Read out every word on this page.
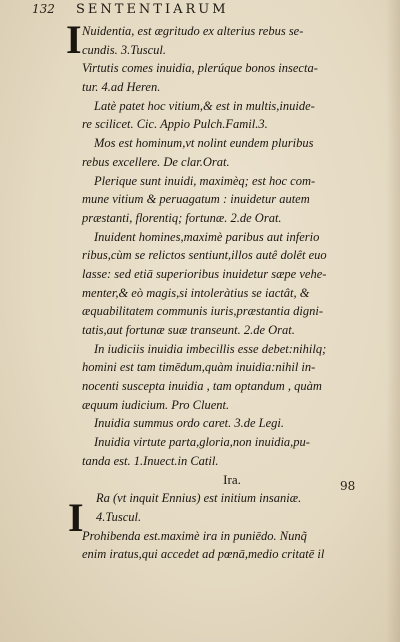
132 SENTENTIARUM
I Nuidentia, est ægritudo ex alterius rebus se-
cundis. 3.Tuscul.
Virtutis comes inuidia, plerúque bonos insecta-
tur. 4.ad Heren.
Latè patet hoc vitium,& est in multis,inuide-
re scilicet. Cic. Appio Pulch.Famil.3.
Mos est hominum,vt nolint eundem pluribus
rebus excellere. De clar.Orat.
Plerique sunt inuidi, maximèq; est hoc com-
mune vitium & peruagatum : inuidetur autem
præstanti, florentiq; fortunæ. 2.de Orat.
Inuident homines,maximè paribus aut inferio
ribus,cùm se relictos sentiunt,illos autê dolêt euo
lasse: sed etiā superioribus inuidetur sæpe vehe-
menter,& eò magis,si intoleràtius se iactât, &
æquabilitatem communis iuris,præstantia digni-
tatis,aut fortunæ suæ transeunt. 2.de Orat.
In iudiciis inuidia imbecillis esse debet:nihilq;
homini est tam timēdum,quàm inuidia:nihil in-
nocenti suscepta inuidia , tam optandum , quàm
æquum iudicium. Pro Cluent.
Inuidia summus ordo caret. 3.de Legi.
Inuidia virtute parta,gloria,non inuidia,pu-
tanda est. 1.Inuect.in Catil.
Ira.
Ra (vt inquit Ennius) est initium insaniæ.
4.Tuscul.
Prohibenda est.maximè ira in puniēdo. Nunq̃
enim iratus,qui accedet ad pœnā,medio critatē il
98
I
